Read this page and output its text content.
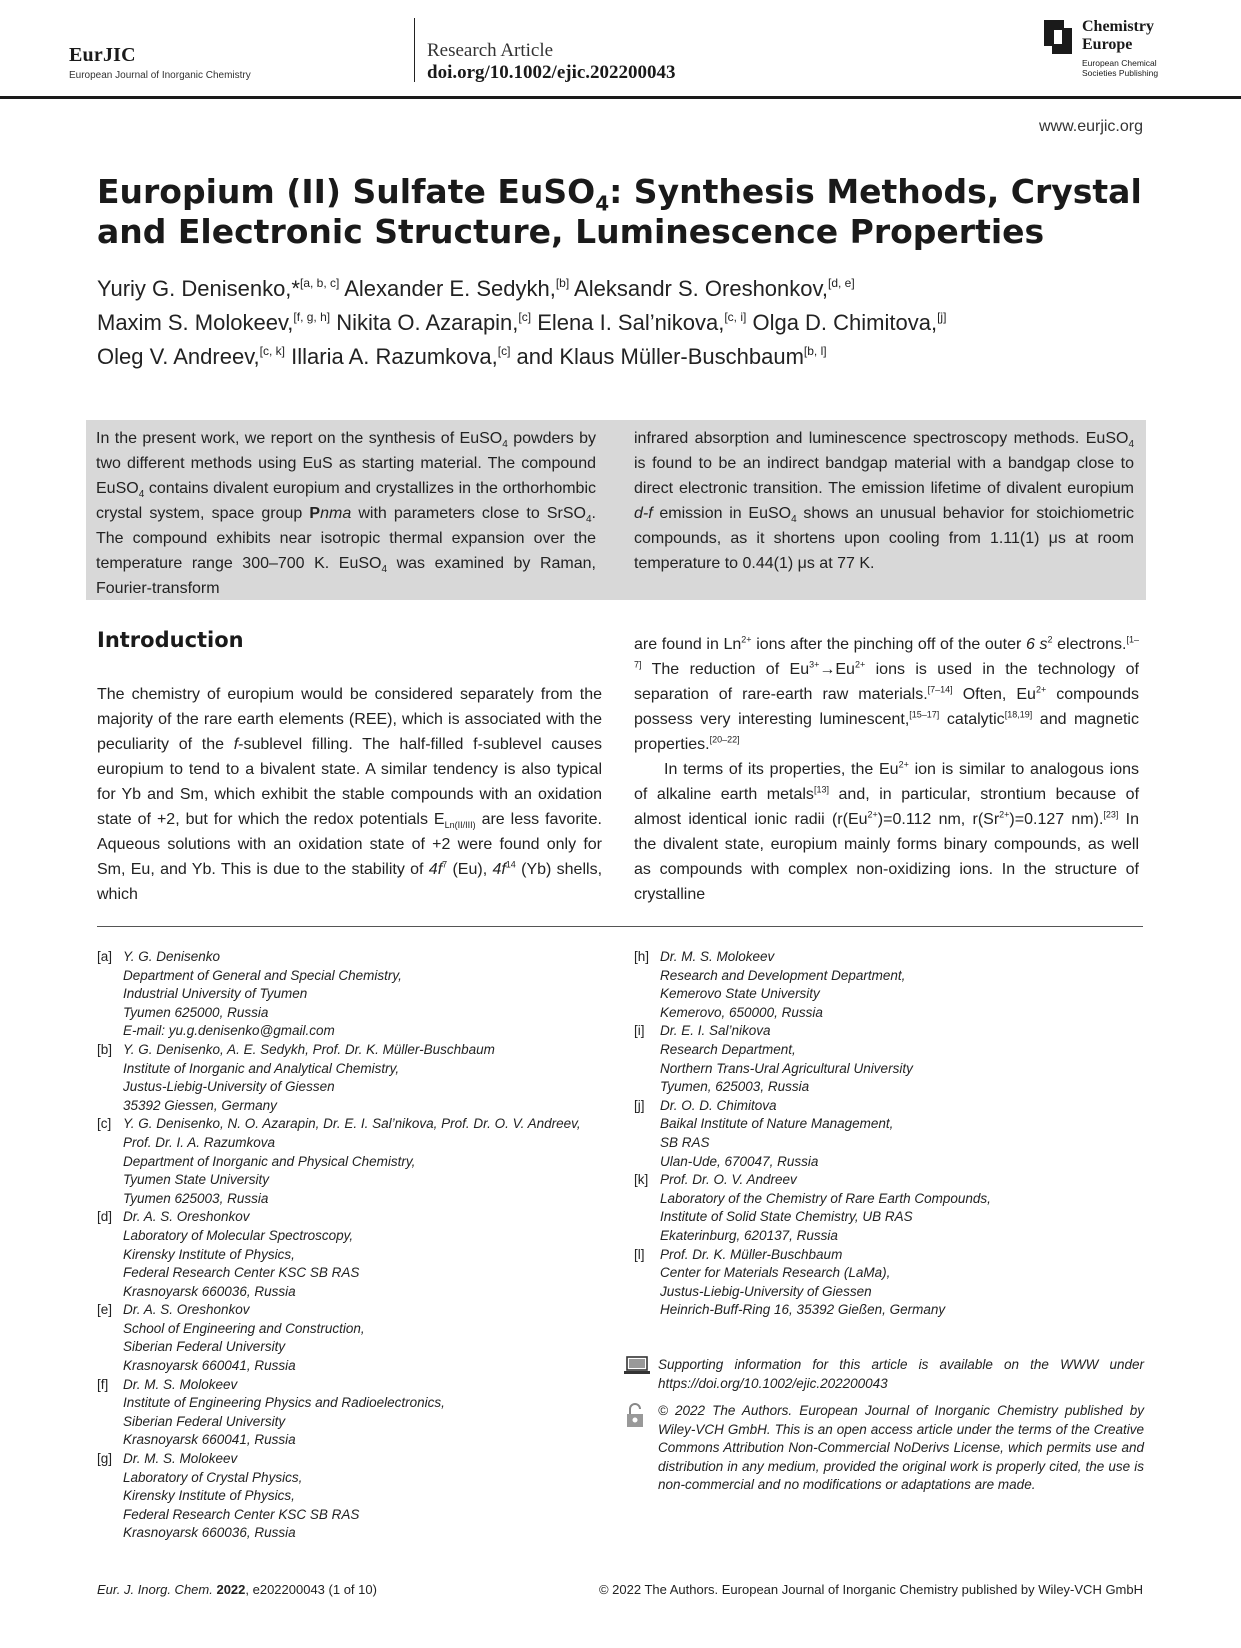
EurJIC
European Journal of Inorganic Chemistry
Research Article
doi.org/10.1002/ejic.202200043
Chemistry
Europe
European Chemical
Societies Publishing
www.eurjic.org
Europium (II) Sulfate EuSO$_4$: Synthesis Methods, Crystal and Electronic Structure, Luminescence Properties
Yuriy G. Denisenko,*[a, b, c] Alexander E. Sedykh,[b] Aleksandr S. Oreshonkov,[d, e]
Maxim S. Molokeev,[f, g, h] Nikita O. Azarapin,[c] Elena I. Sal’nikova,[c, i] Olga D. Chimitova,[j]
Oleg V. Andreev,[c, k] Illaria A. Razumkova,[c] and Klaus Müller-Buschbaum[b, l]

In the present work, we report on the synthesis of EuSO$_4$ powders by two different methods using EuS as starting material. The compound EuSO$_4$ contains divalent europium and crystallizes in the orthorhombic crystal system, space group Pnma with parameters close to SrSO$_4$. The compound exhibits near isotropic thermal expansion over the temperature range 300–700 K. EuSO$_4$ was examined by Raman, Fourier-transform

infrared absorption and luminescence spectroscopy methods. EuSO$_4$ is found to be an indirect bandgap material with a bandgap close to direct electronic transition. The emission lifetime of divalent europium d-f emission in EuSO$_4$ shows an unusual behavior for stoichiometric compounds, as it shortens upon cooling from 1.11(1) μs at room temperature to 0.44(1) μs at 77 K.

Introduction

The chemistry of europium would be considered separately from the majority of the rare earth elements (REE), which is associated with the peculiarity of the f-sublevel filling. The half-filled f-sublevel causes europium to tend to a bivalent state. A similar tendency is also typical for Yb and Sm, which exhibit the stable compounds with an oxidation state of +2, but for which the redox potentials $E_{Ln(II/III)}$ are less favorite. Aqueous solutions with an oxidation state of +2 were found only for Sm, Eu, and Yb. This is due to the stability of $4f^7$ (Eu), $4f^{14}$ (Yb) shells, which

are found in $Ln^{2+}$ ions after the pinching off of the outer 6 $s^2$ electrons.[1–7] The reduction of $Eu^{3+}\to Eu^{2+}$ ions is used in the technology of separation of rare-earth raw materials.[7–14] Often, $Eu^{2+}$ compounds possess very interesting luminescent,[15–17] catalytic[18,19] and magnetic properties.[20–22]

In terms of its properties, the $Eu^{2+}$ ion is similar to analogous ions of alkaline earth metals[13] and, in particular, strontium because of almost identical ionic radii ($r(Eu^{2+})=0.112$ nm, $r(Sr^{2+})=0.127$ nm).[23] In the divalent state, europium mainly forms binary compounds, as well as compounds with complex non-oxidizing ions. In the structure of crystalline

[a] Y. G. Denisenko
Department of General and Special Chemistry,
Industrial University of Tyumen
Tyumen 625000, Russia
E-mail: yu.g.denisenko@gmail.com
[b] Y. G. Denisenko, A. E. Sedykh, Prof. Dr. K. Müller-Buschbaum
Institute of Inorganic and Analytical Chemistry,
Justus-Liebig-University of Giessen
35392 Giessen, Germany
[c] Y. G. Denisenko, N. O. Azarapin, Dr. E. I. Sal’nikova, Prof. Dr. O. V. Andreev,
Prof. Dr. I. A. Razumkova
Department of Inorganic and Physical Chemistry,
Tyumen State University
Tyumen 625003, Russia
[d] Dr. A. S. Oreshonkov
Laboratory of Molecular Spectroscopy,
Kirensky Institute of Physics,
Federal Research Center KSC SB RAS
Krasnoyarsk 660036, Russia
[e] Dr. A. S. Oreshonkov
School of Engineering and Construction,
Siberian Federal University
Krasnoyarsk 660041, Russia
[f]	Dr. M. S. Molokeev
Institute of Engineering Physics and Radioelectronics,
Siberian Federal University
Krasnoyarsk 660041, Russia
[g] Dr. M. S. Molokeev
Laboratory of Crystal Physics,
Kirensky Institute of Physics,
Federal Research Center KSC SB RAS
Krasnoyarsk 660036, Russia
[h] Dr. M. S. Molokeev
Research and Development Department,
Kemerovo State University
Kemerovo, 650000, Russia
[i]	Dr. E. I. Sal’nikova
Research Department,
Northern Trans-Ural Agricultural University
Tyumen, 625003, Russia
[j]	Dr. O. D. Chimitova
Baikal Institute of Nature Management,
SB RAS
Ulan-Ude, 670047, Russia
[k] Prof. Dr. O. V. Andreev
Laboratory of the Chemistry of Rare Earth Compounds,
Institute of Solid State Chemistry, UB RAS
Ekaterinburg, 620137, Russia
[l]	Prof. Dr. K. Müller-Buschbaum
Center for Materials Research (LaMa),
Justus-Liebig-University of Giessen
Heinrich-Buff-Ring 16, 35392 Gießen, Germany
Supporting information for this article is available on the WWW under https://doi.org/10.1002/ejic.202200043
© 2022 The Authors. European Journal of Inorganic Chemistry published by Wiley-VCH GmbH. This is an open access article under the terms of the Creative Commons Attribution Non-Commercial NoDerivs License, which permits use and distribution in any medium, provided the original work is properly cited, the use is non-commercial and no modifications or adaptations are made.
Eur. J. Inorg. Chem. 2022, e202200043 (1 of 10)	© 2022 The Authors. European Journal of Inorganic Chemistry published by Wiley-VCH GmbH
